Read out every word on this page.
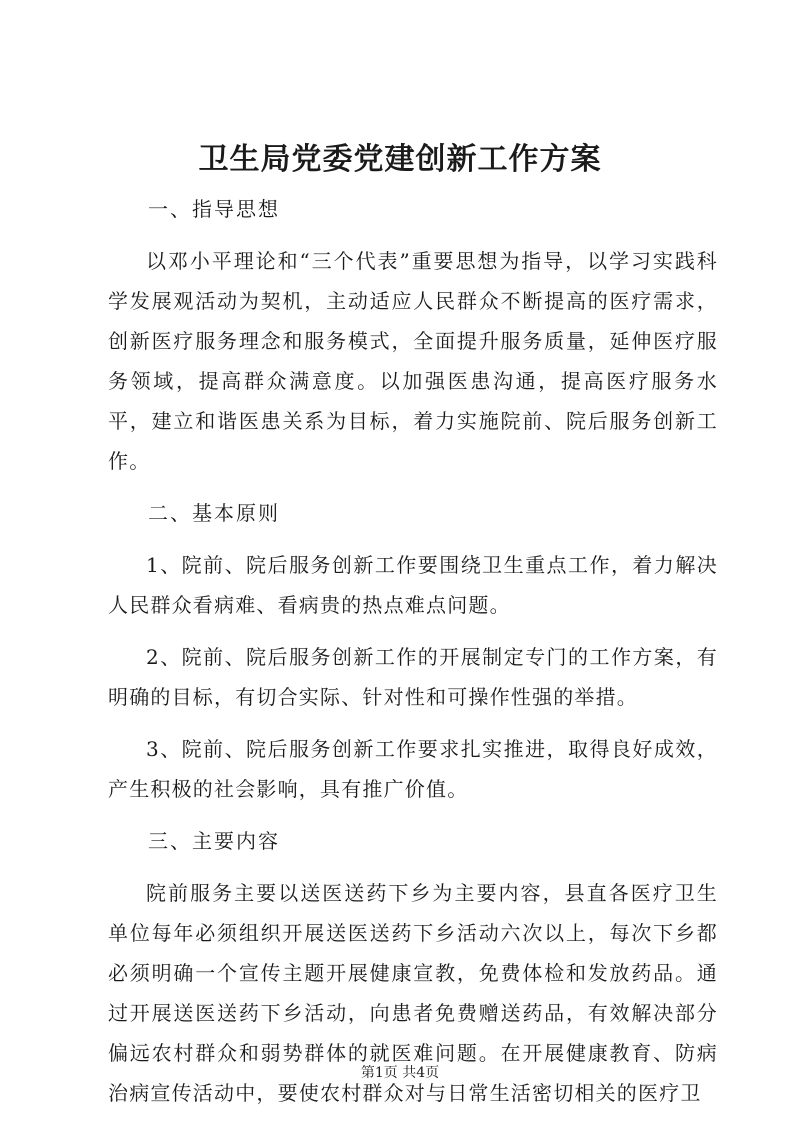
卫生局党委党建创新工作方案

一、指导思想

以邓小平理论和“三个代表”重要思想为指导，以学习实践科学发展观活动为契机，主动适应人民群众不断提高的医疗需求，创新医疗服务理念和服务模式，全面提升服务质量，延伸医疗服务领域，提高群众满意度。以加强医患沟通，提高医疗服务水平，建立和谐医患关系为目标，着力实施院前、院后服务创新工作。

二、基本原则

1、院前、院后服务创新工作要围绕卫生重点工作，着力解决人民群众看病难、看病贵的热点难点问题。

2、院前、院后服务创新工作的开展制定专门的工作方案，有明确的目标，有切合实际、针对性和可操作性强的举措。

3、院前、院后服务创新工作要求扎实推进，取得良好成效，产生积极的社会影响，具有推广价值。

三、主要内容

院前服务主要以送医送药下乡为主要内容，县直各医疗卫生单位每年必须组织开展送医送药下乡活动六次以上，每次下乡都必须明确一个宣传主题开展健康宣教，免费体检和发放药品。通过开展送医送药下乡活动，向患者免费赠送药品，有效解决部分偏远农村群众和弱势群体的就医难问题。在开展健康教育、防病治病宣传活动中，要使农村群众对与日常生活密切相关的医疗卫

第1页 共4页
